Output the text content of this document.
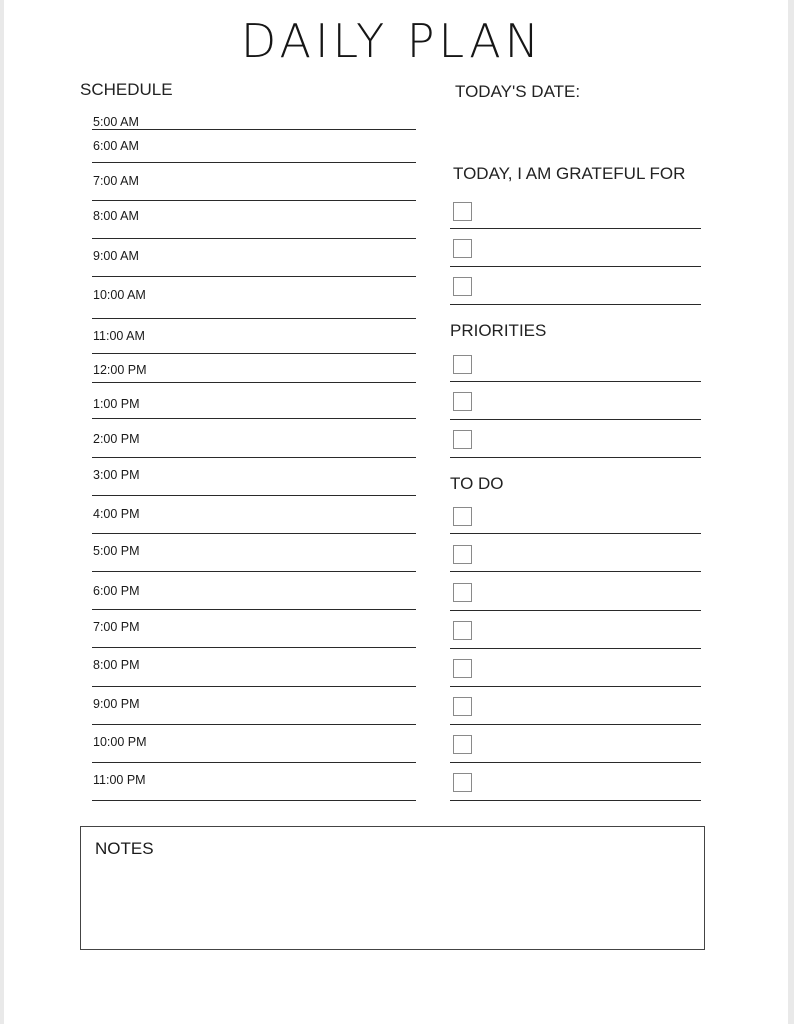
DAILY PLAN
SCHEDULE	TODAY'S DATE:
TODAY, I AM GRATEFUL FOR
PRIORITIES
TO DO
5:00 AM
6:00 AM
7:00 AM
8:00 AM
9:00 AM
10:00 AM
11:00 AM
12:00 PM
1:00 PM
2:00 PM
3:00 PM
4:00 PM
5:00 PM
6:00 PM
7:00 PM
8:00 PM
9:00 PM
10:00 PM
11:00 PM
NOTES
